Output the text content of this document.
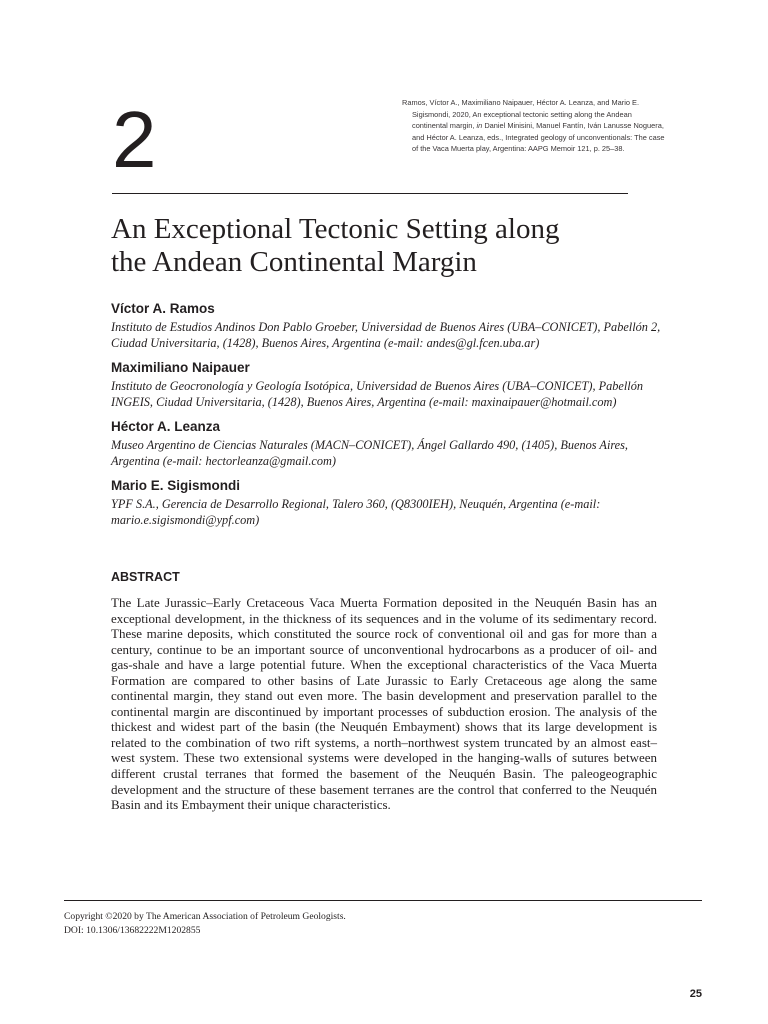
2	Ramos, Víctor A., Maximiliano Naipauer, Héctor A. Leanza, and Mario E. Sigismondi, 2020, An exceptional tectonic setting along the Andean continental margin, in Daniel Minisini, Manuel Fantín, Iván Lanusse Noguera, and Héctor A. Leanza, eds., Integrated geology of unconventionals: The case of the Vaca Muerta play, Argentina: AAPG Memoir 121, p. 25–38.

An Exceptional Tectonic Setting along
the Andean Continental Margin

Víctor A. Ramos

Instituto de Estudios Andinos Don Pablo Groeber, Universidad de Buenos Aires (UBA–CONICET), Pabellón 2, Ciudad Universitaria, (1428), Buenos Aires, Argentina (e-mail: andes@gl.fcen.uba.ar)

Maximiliano Naipauer

Instituto de Geocronología y Geología Isotópica, Universidad de Buenos Aires (UBA–CONICET), Pabellón INGEIS, Ciudad Universitaria, (1428), Buenos Aires, Argentina (e-mail: maxinaipauer@hotmail.com)

Héctor A. Leanza

Museo Argentino de Ciencias Naturales (MACN–CONICET), Ángel Gallardo 490, (1405), Buenos Aires, Argentina (e-mail: hectorleanza@gmail.com)

Mario E. Sigismondi

YPF S.A., Gerencia de Desarrollo Regional, Talero 360, (Q8300IEH), Neuquén, Argentina (e-mail: mario.e.sigismondi@ypf.com)

ABSTRACT

The Late Jurassic–Early Cretaceous Vaca Muerta Formation deposited in the Neuquén Basin has an exceptional development, in the thickness of its sequences and in the volume of its sedimentary record. These marine deposits, which constituted the source rock of conventional oil and gas for more than a century, continue to be an important source of unconventional hydrocarbons as a producer of oil- and gas-shale and have a large potential future. When the exceptional characteristics of the Vaca Muerta Formation are compared to other basins of Late Jurassic to Early Cretaceous age along the same continental margin, they stand out even more. The basin development and preservation parallel to the continental margin are discontinued by important processes of subduction erosion. The analysis of the thickest and widest part of the basin (the Neuquén Embayment) shows that its large development is related to the combination of two rift systems, a north–northwest system truncated by an almost east–west system. These two extensional systems were developed in the hanging-walls of sutures between different crustal terranes that formed the basement of the Neuquén Basin. The paleogeographic development and the structure of these basement terranes are the control that conferred to the Neuquén Basin and its Embayment their unique characteristics.

Copyright ©2020 by The American Association of Petroleum Geologists.
DOI: 10.1306/13682222M1202855
25
